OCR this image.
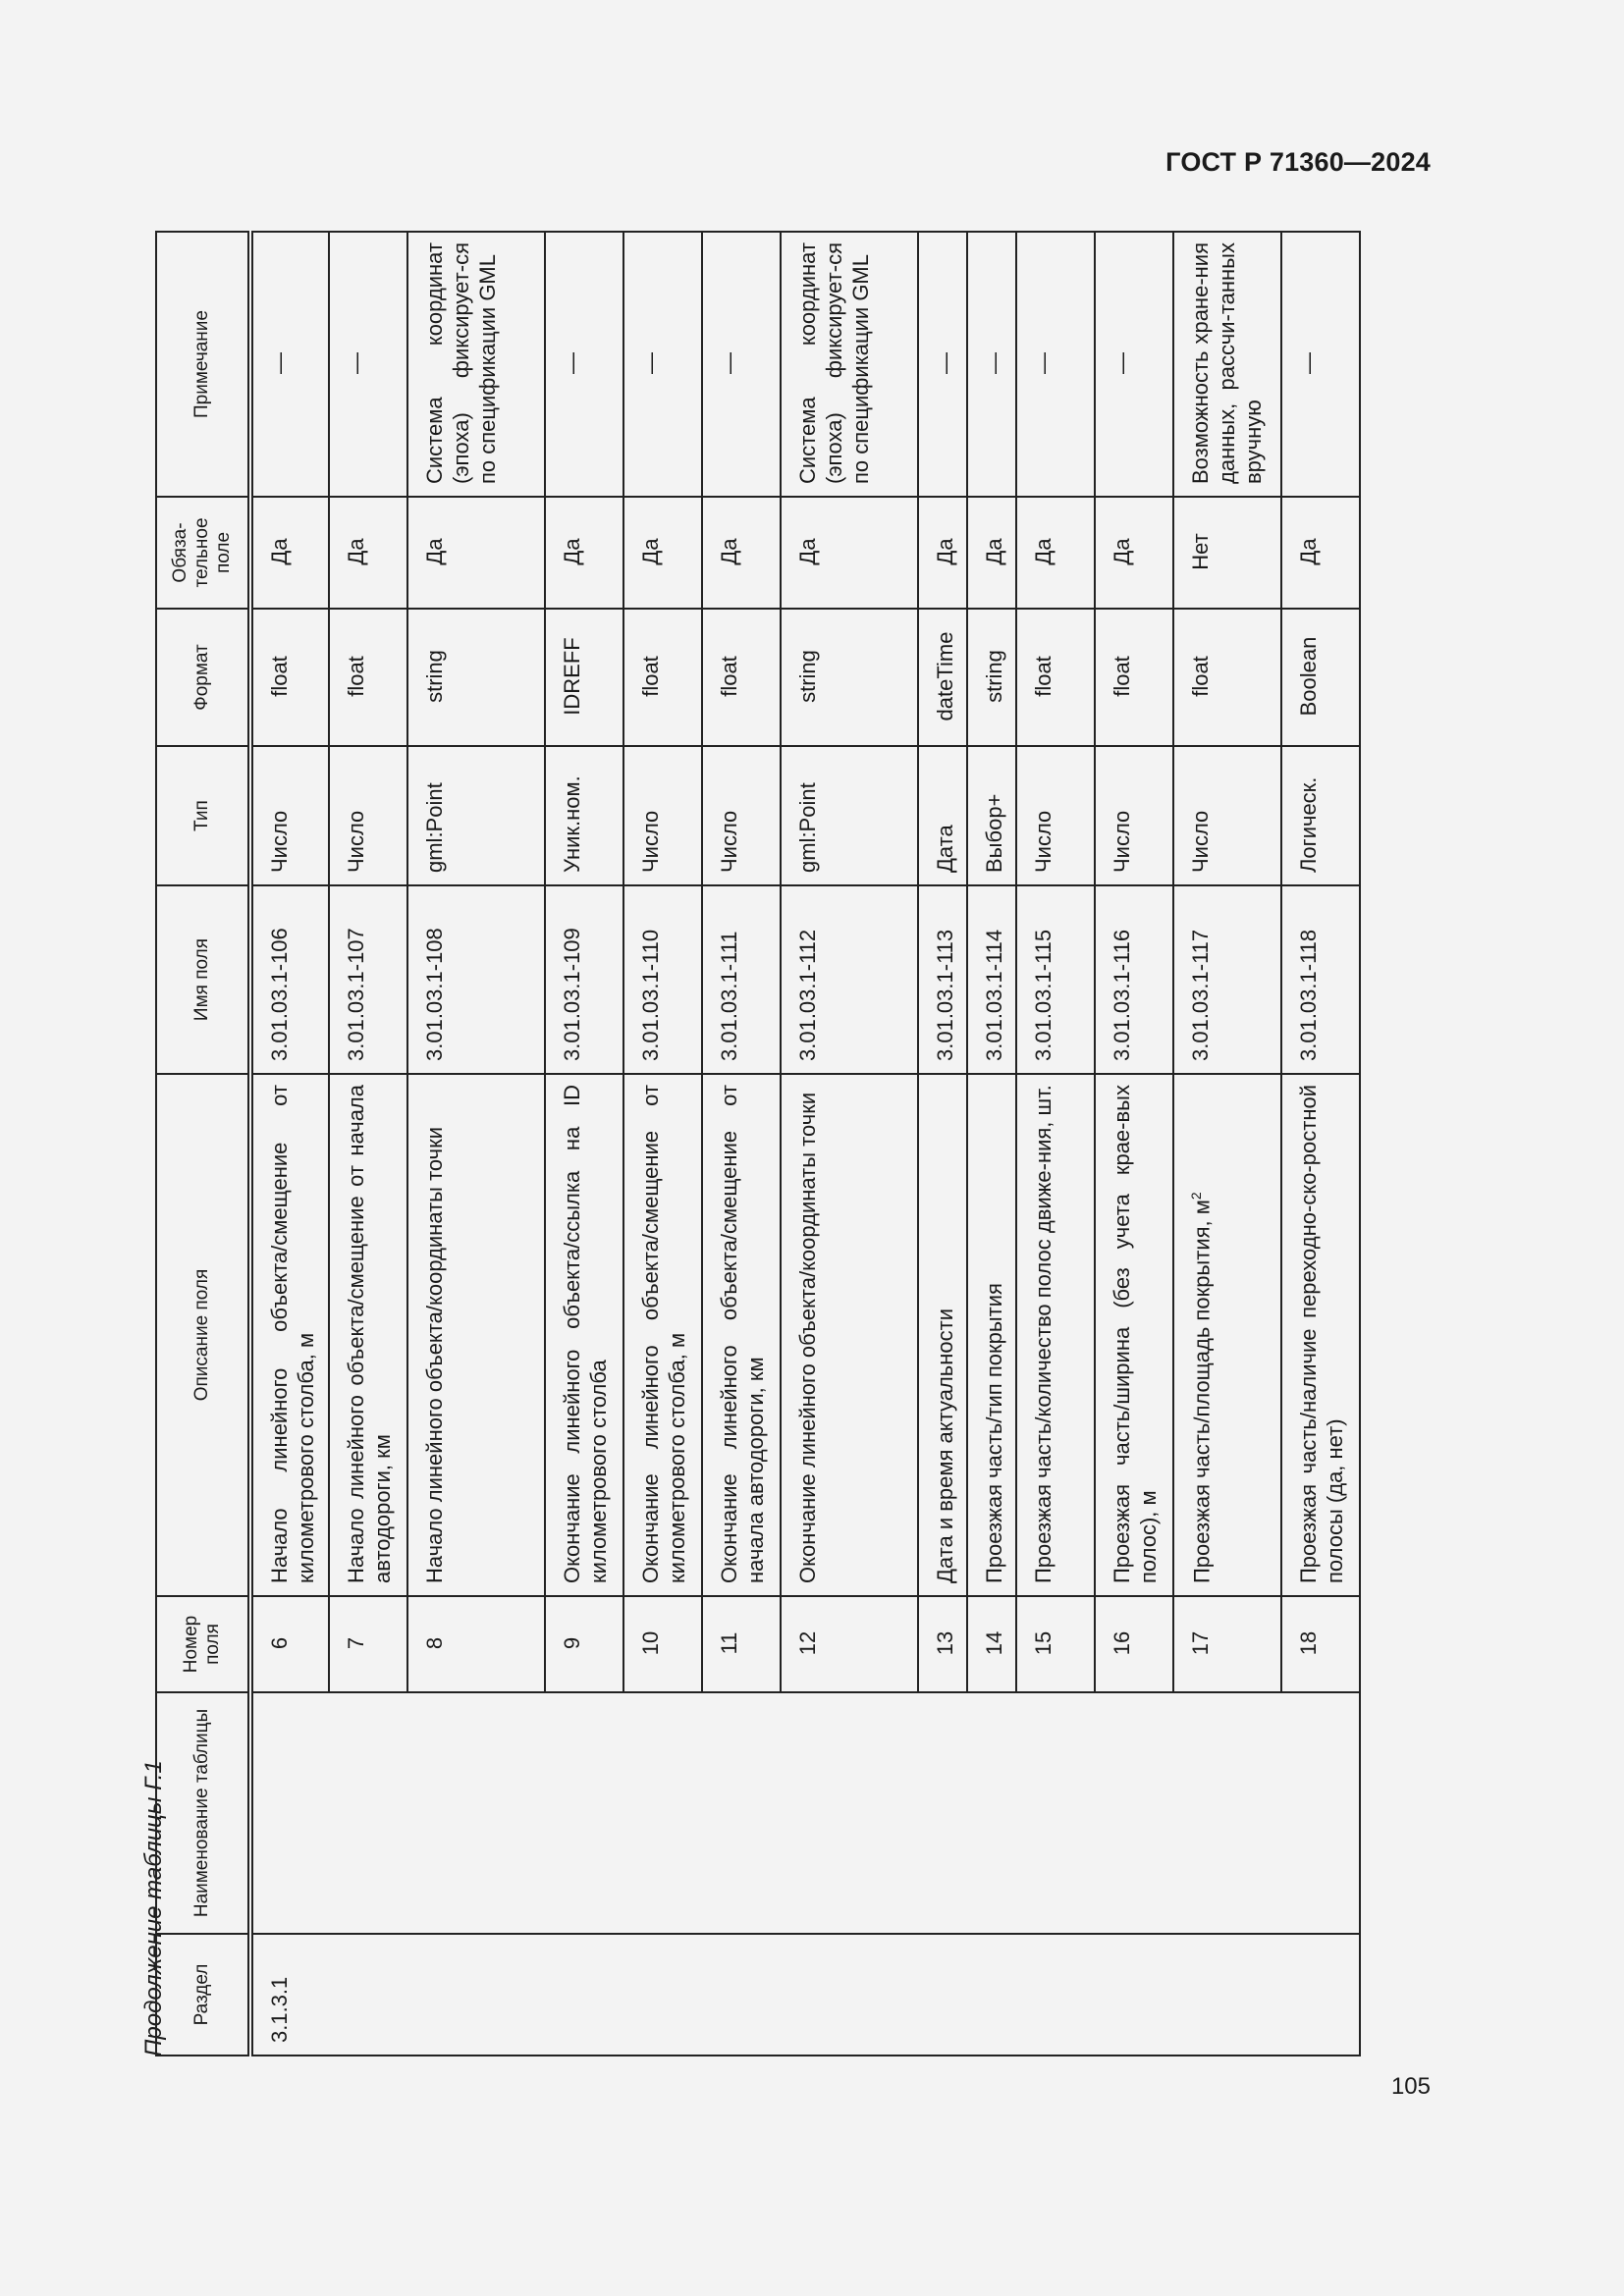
ГОСТ Р 71360—2024
Продолжение таблицы Г.1 Раздел	Наименование таблицы	Номер поля	Описание поля	Имя поля	Тип	Формат	Обяза-тельное поле	Примечание
3.1.3.1		6	Начало линейного объекта/смещение от километрового столба, м	3.01.03.1-106	Число	float	Да	—
		7	Начало линейного объекта/смещение от начала автодороги, км	3.01.03.1-107	Число	float	Да	—
		8	Начало линейного объекта/координаты точки	3.01.03.1-108	gml:Point	string	Да	Система координат (эпоха) фиксирует-ся по спецификации GML
		9	Окончание линейного объекта/ссылка на ID километрового столба	3.01.03.1-109	Уник.ном.	IDREFF	Да	—
		10	Окончание линейного объекта/смещение от километрового столба, м	3.01.03.1-110	Число	float	Да	—
		11	Окончание линейного объекта/смещение от начала автодороги, км	3.01.03.1-111	Число	float	Да	—
		12	Окончание линейного объекта/координаты точки	3.01.03.1-112	gml:Point	string	Да	Система координат (эпоха) фиксирует-ся по спецификации GML
		13	Дата и время актуальности	3.01.03.1-113	Дата	dateTime	Да	—
		14	Проезжая часть/тип покрытия	3.01.03.1-114	Выбор+	string	Да	—
		15	Проезжая часть/количество полос движе-ния, шт.	3.01.03.1-115	Число	float	Да	—
		16	Проезжая часть/ширина (без учета крае-вых полос), м	3.01.03.1-116	Число	float	Да	—
		17	Проезжая часть/площадь покрытия, $м^2$	3.01.03.1-117	Число	float	Нет	Возможность хране-ния данных, рассчи-танных вручную
		18	Проезжая часть/наличие переходно-ско-ростной полосы (да, нет)	3.01.03.1-118	Логическ.	Boolean	Да	—
105
